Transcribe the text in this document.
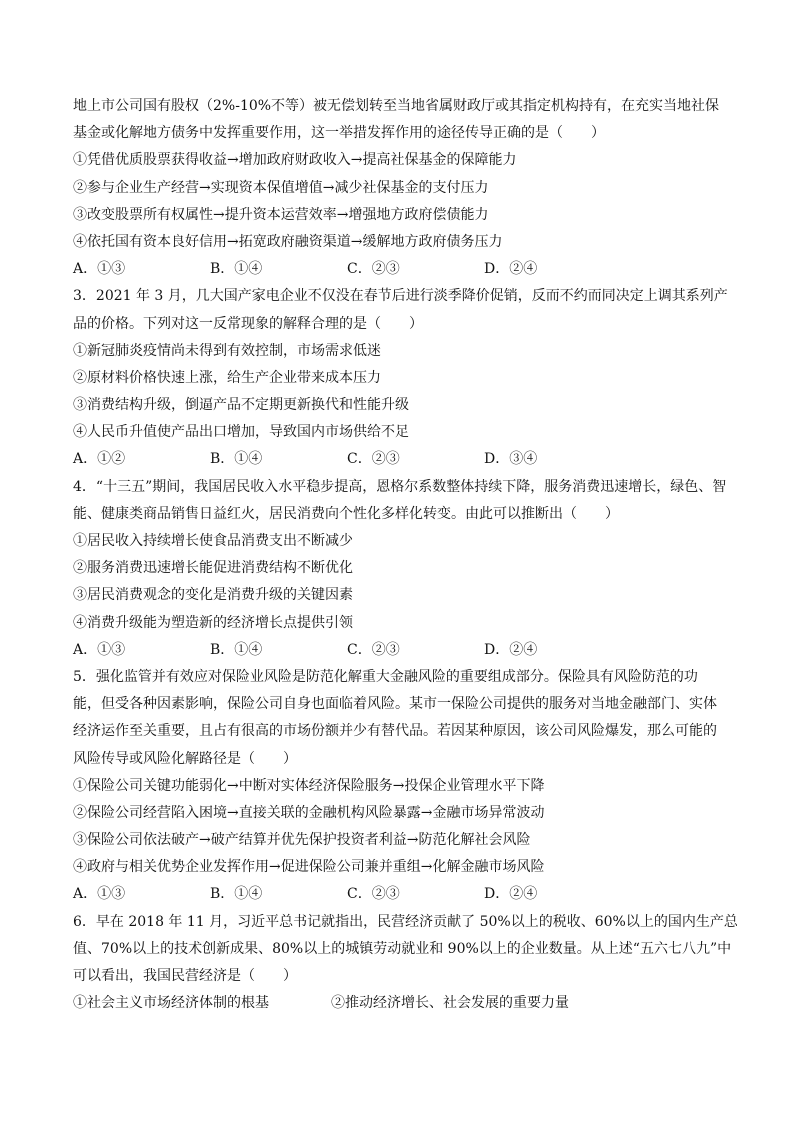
地上市公司国有股权（2%-10%不等）被无偿划转至当地省属财政厅或其指定机构持有，在充实当地社保
基金或化解地方债务中发挥重要作用，这一举措发挥作用的途径传导正确的是（　　）
①凭借优质股票获得收益→增加政府财政收入→提高社保基金的保障能力
②参与企业生产经营→实现资本保值增值→减少社保基金的支付压力
③改变股票所有权属性→提升资本运营效率→增强地方政府偿债能力
④依托国有资本良好信用→拓宽政府融资渠道→缓解地方政府债务压力
A．①③	B．①④	C．②③	D．②④
3．2021 年 3 月，几大国产家电企业不仅没在春节后进行淡季降价促销，反而不约而同决定上调其系列产
品的价格。下列对这一反常现象的解释合理的是（　　）
①新冠肺炎疫情尚未得到有效控制，市场需求低迷
②原材料价格快速上涨，给生产企业带来成本压力
③消费结构升级，倒逼产品不定期更新换代和性能升级
④人民币升值使产品出口增加，导致国内市场供给不足
A．①②	B．①④	C．②③	D．③④
4．“十三五”期间，我国居民收入水平稳步提高，恩格尔系数整体持续下降，服务消费迅速增长，绿色、智
能、健康类商品销售日益红火，居民消费向个性化多样化转变。由此可以推断出（　　）
①居民收入持续增长使食品消费支出不断减少
②服务消费迅速增长能促进消费结构不断优化
③居民消费观念的变化是消费升级的关键因素
④消费升级能为塑造新的经济增长点提供引领
A．①③	B．①④	C．②③	D．②④
5．强化监管并有效应对保险业风险是防范化解重大金融风险的重要组成部分。保险具有风险防范的功
能，但受各种因素影响，保险公司自身也面临着风险。某市一保险公司提供的服务对当地金融部门、实体
经济运作至关重要，且占有很高的市场份额并少有替代品。若因某种原因，该公司风险爆发，那么可能的
风险传导或风险化解路径是（　　）
①保险公司关键功能弱化→中断对实体经济保险服务→投保企业管理水平下降
②保险公司经营陷入困境→直接关联的金融机构风险暴露→金融市场异常波动
③保险公司依法破产→破产结算并优先保护投资者利益→防范化解社会风险
④政府与相关优势企业发挥作用→促进保险公司兼并重组→化解金融市场风险
A．①③	B．①④	C．②③	D．②④
6．早在 2018 年 11 月，习近平总书记就指出，民营经济贡献了 50%以上的税收、60%以上的国内生产总
值、70%以上的技术创新成果、80%以上的城镇劳动就业和 90%以上的企业数量。从上述“五六七八九”中
可以看出，我国民营经济是（　　）
①社会主义市场经济体制的根基	②推动经济增长、社会发展的重要力量
